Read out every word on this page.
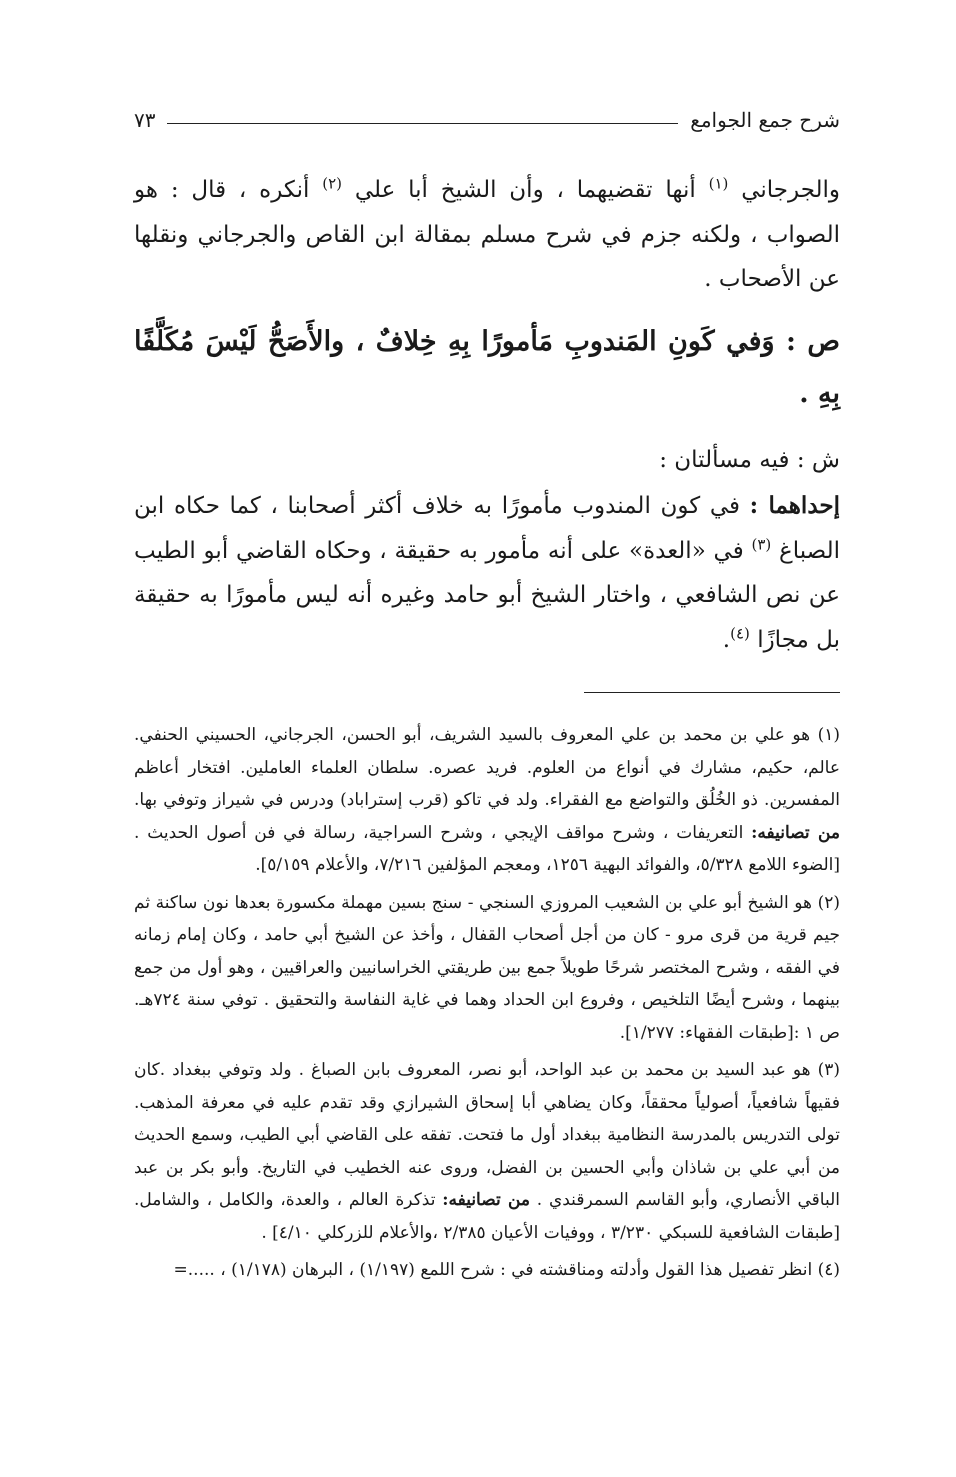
شرح جمع الجوامع
٧٣

والجرجاني $^{(١)}$ أنها تقضيهما ، وأن الشيخ أبا علي $^{(٢)}$ أنكره ، قال : هو الصواب ، ولكنه جزم في شرح مسلم بمقالة ابن القاص والجرجاني ونقلها عن الأصحاب .

ص : وَفي كَونِ المَندوبِ مَأمورًا بِهِ خِلافٌ ، والأَصَحُّ لَيْسَ مُكَلَّفًا بِهِ .

ش : فيه مسألتان :

إحداهما : في كون المندوب مأمورًا به خلاف أكثر أصحابنا ، كما حكاه ابن الصباغ $^{(٣)}$ في «العدة» على أنه مأمور به حقيقة ، وحكاه القاضي أبو الطيب عن نص الشافعي ، واختار الشيخ أبو حامد وغيره أنه ليس مأمورًا به حقيقة بل مجازًا $^{(٤)}$.

(١) هو علي بن محمد بن علي المعروف بالسيد الشريف، أبو الحسن، الجرجاني، الحسيني الحنفي. عالم، حكيم، مشارك في أنواع من العلوم. فريد عصره. سلطان العلماء العاملين. افتخار أعاظم المفسرين. ذو الخُلُق والتواضع مع الفقراء. ولد في تاكو (قرب إستراباد) ودرس في شيراز وتوفي بها. من تصانيفه: التعريفات ، وشرح مواقف الإيجي ، وشرح السراجية، رسالة في فن أصول الحديث . [الضوء اللامع ٥/٣٢٨، والفوائد البهية ١٢٥٦، ومعجم المؤلفين ٧/٢١٦، والأعلام ٥/١٥٩].

(٢) هو الشيخ أبو علي بن الشعيب المروزي السنجي - سنج بسين مهملة مكسورة بعدها نون ساكنة ثم جيم قرية من قرى مرو - كان من أجل أصحاب القفال ، وأخذ عن الشيخ أبي حامد ، وكان إمام زمانه في الفقه ، وشرح المختصر شرحًا طويلاً جمع بين طريقتي الخراسانيين والعراقيين ، وهو أول من جمع بينهما ، وشرح أيضًا التلخيص ، وفروع ابن الحداد وهما في غاية النفاسة والتحقيق . توفي سنة ٧٢٤هـ. ص ١ :[طبقات الفقهاء: ١/٢٧٧].

(٣) هو عبد السيد بن محمد بن عبد الواحد، أبو نصر، المعروف بابن الصباغ . ولد وتوفي ببغداد .كان فقيهاً شافعياً، أصولياً محققاً، وكان يضاهي أبا إسحاق الشيرازي وقد تقدم عليه في معرفة المذهب. تولى التدريس بالمدرسة النظامية ببغداد أول ما فتحت. تفقه على القاضي أبي الطيب، وسمع الحديث من أبي علي بن شاذان وأبي الحسين بن الفضل، وروى عنه الخطيب في التاريخ. وأبو بكر بن عبد الباقي الأنصاري، وأبو القاسم السمرقندي . من تصانيفه: تذكرة العالم ، والعدة، والكامل ، والشامل. [طبقات الشافعية للسبكي ٣/٢٣٠ ، ووفيات الأعيان ٢/٣٨٥ ،والأعلام للزركلي ٤/١٠] .

(٤) انظر تفصيل هذا القول وأدلته ومناقشته في : شرح اللمع (١/١٩٧) ، البرهان (١/١٧٨) ، .....=
